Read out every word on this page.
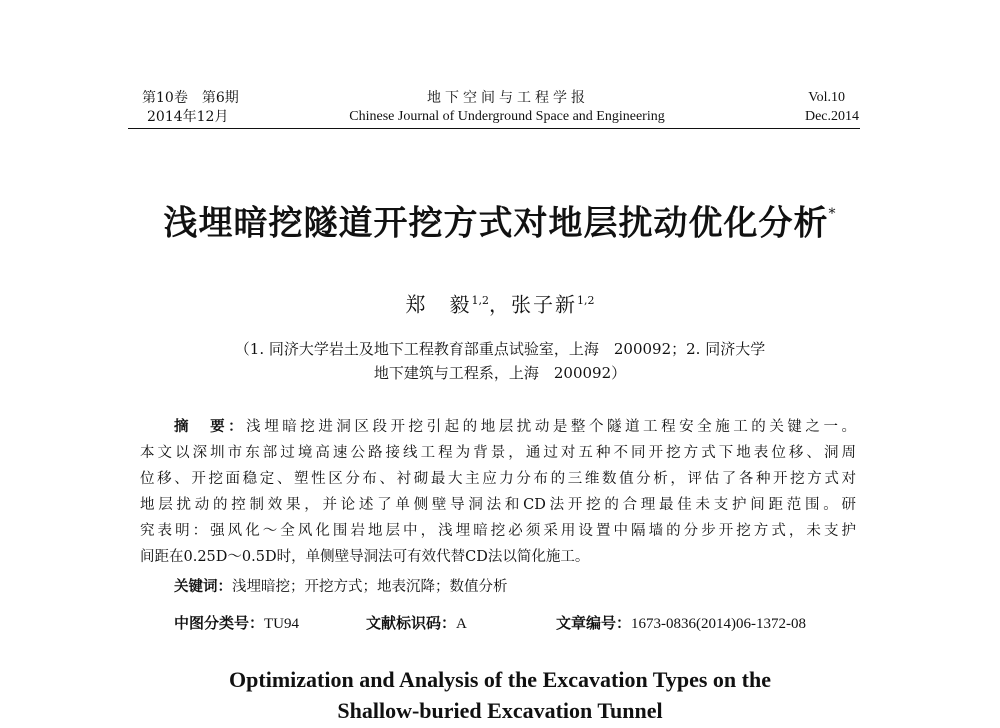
第10卷　第6期
2014年12月
地下空间与工程学报
Chinese Journal of Underground Space and Engineering
Vol.10
Dec.2014
浅埋暗挖隧道开挖方式对地层扰动优化分析*
郑　毅$^{1,2}$，张子新$^{1,2}$
（1. 同济大学岩土及地下工程教育部重点试验室，上海　200092；2. 同济大学
地下建筑与工程系，上海　200092）
摘　要：浅埋暗挖进洞区段开挖引起的地层扰动是整个隧道工程安全施工的关键之一。
本文以深圳市东部过境高速公路接线工程为背景，通过对五种不同开挖方式下地表位移、洞周
位移、开挖面稳定、塑性区分布、衬砌最大主应力分布的三维数值分析，评估了各种开挖方式对
地层扰动的控制效果，并论述了单侧壁导洞法和CD法开挖的合理最佳未支护间距范围。研
究表明：强风化～全风化围岩地层中，浅埋暗挖必须采用设置中隔墙的分步开挖方式，未支护
间距在0.25D～0.5D时，单侧壁导洞法可有效代替CD法以简化施工。
关键词：浅埋暗挖；开挖方式；地表沉降；数值分析
中图分类号：TU94	文献标识码：A	文章编号：1673-0836(2014)06-1372-08
Optimization and Analysis of the Excavation Types on the
Shallow-buried Excavation Tunnel
